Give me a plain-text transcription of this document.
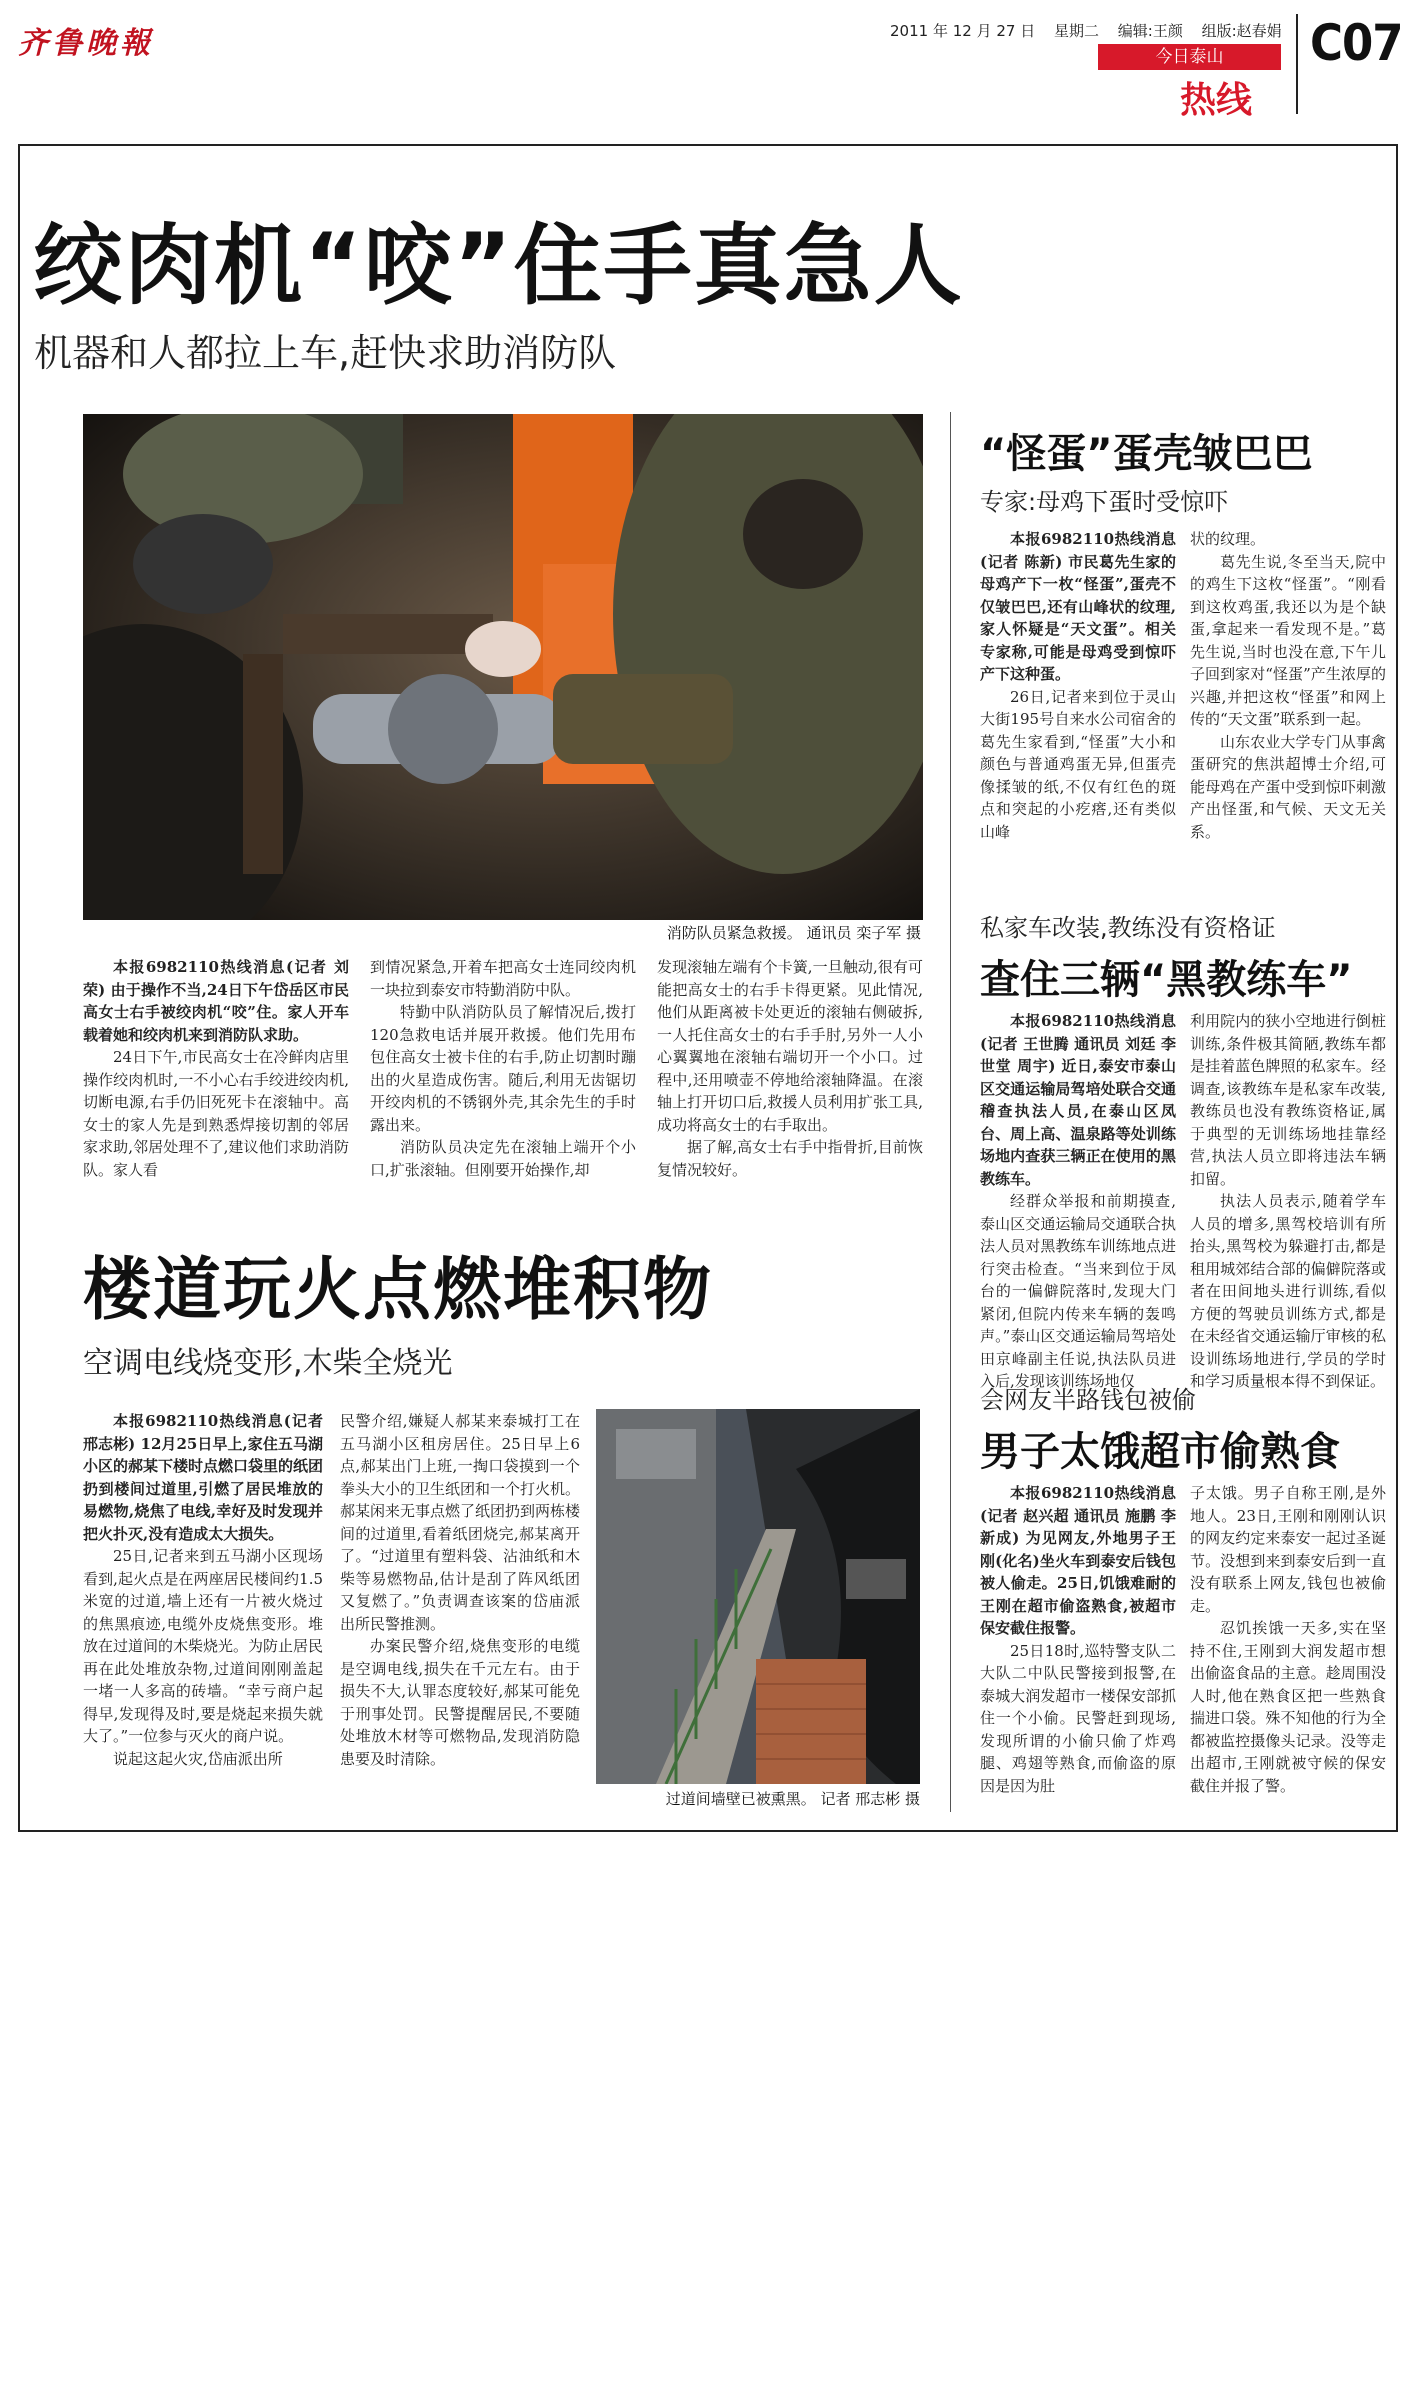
齐鲁晚報	2011 年 12 月 27 日 星期二 编辑:王颜 组版:赵春娟
今日泰山
热线
C07
绞肉机“咬”住手真急人
机器和人都拉上车,赶快求助消防队
消防队员紧急救援。 通讯员 栾子军 摄

本报6982110热线消息(记者 刘荣) 由于操作不当,24日下午岱岳区市民高女士右手被绞肉机“咬”住。家人开车载着她和绞肉机来到消防队求助。

24日下午,市民高女士在冷鲜肉店里操作绞肉机时,一不小心右手绞进绞肉机,切断电源,右手仍旧死死卡在滚轴中。高女士的家人先是到熟悉焊接切割的邻居家求助,邻居处理不了,建议他们求助消防队。家人看

到情况紧急,开着车把高女士连同绞肉机一块拉到泰安市特勤消防中队。

特勤中队消防队员了解情况后,拨打120急救电话并展开救援。他们先用布包住高女士被卡住的右手,防止切割时蹦出的火星造成伤害。随后,利用无齿锯切开绞肉机的不锈钢外壳,其余先生的手时露出来。

消防队员决定先在滚轴上端开个小口,扩张滚轴。但刚要开始操作,却

发现滚轴左端有个卡簧,一旦触动,很有可能把高女士的右手卡得更紧。见此情况,他们从距离被卡处更近的滚轴右侧破拆,一人托住高女士的右手手肘,另外一人小心翼翼地在滚轴右端切开一个小口。过程中,还用喷壶不停地给滚轴降温。在滚轴上打开切口后,救援人员利用扩张工具,成功将高女士的右手取出。

据了解,高女士右手中指骨折,目前恢复情况较好。

楼道玩火点燃堆积物
空调电线烧变形,木柴全烧光

本报6982110热线消息(记者 邢志彬) 12月25日早上,家住五马湖小区的郝某下楼时点燃口袋里的纸团扔到楼间过道里,引燃了居民堆放的易燃物,烧焦了电线,幸好及时发现并把火扑灭,没有造成太大损失。

25日,记者来到五马湖小区现场看到,起火点是在两座居民楼间约1.5米宽的过道,墙上还有一片被火烧过的焦黑痕迹,电缆外皮烧焦变形。堆放在过道间的木柴烧光。为防止居民再在此处堆放杂物,过道间刚刚盖起一堵一人多高的砖墙。“幸亏商户起得早,发现得及时,要是烧起来损失就大了。”一位参与灭火的商户说。

说起这起火灾,岱庙派出所

民警介绍,嫌疑人郝某来泰城打工在五马湖小区租房居住。25日早上6点,郝某出门上班,一掏口袋摸到一个拳头大小的卫生纸团和一个打火机。郝某闲来无事点燃了纸团扔到两栋楼间的过道里,看着纸团烧完,郝某离开了。“过道里有塑料袋、沾油纸和木柴等易燃物品,估计是刮了阵风纸团又复燃了。”负责调查该案的岱庙派出所民警推测。

办案民警介绍,烧焦变形的电缆是空调电线,损失在千元左右。由于损失不大,认罪态度较好,郝某可能免于刑事处罚。民警提醒居民,不要随处堆放木材等可燃物品,发现消防隐患要及时清除。

过道间墙壁已被熏黑。 记者 邢志彬 摄
“怪蛋”蛋壳皱巴巴
专家:母鸡下蛋时受惊吓

本报6982110热线消息(记者 陈新) 市民葛先生家的母鸡产下一枚“怪蛋”,蛋壳不仅皱巴巴,还有山峰状的纹理,家人怀疑是“天文蛋”。相关专家称,可能是母鸡受到惊吓产下这种蛋。

26日,记者来到位于灵山大街195号自来水公司宿舍的葛先生家看到,“怪蛋”大小和颜色与普通鸡蛋无异,但蛋壳像揉皱的纸,不仅有红色的斑点和突起的小疙瘩,还有类似山峰

状的纹理。

葛先生说,冬至当天,院中的鸡生下这枚“怪蛋”。“刚看到这枚鸡蛋,我还以为是个缺蛋,拿起来一看发现不是。”葛先生说,当时也没在意,下午儿子回到家对“怪蛋”产生浓厚的兴趣,并把这枚“怪蛋”和网上传的“天文蛋”联系到一起。

山东农业大学专门从事禽蛋研究的焦洪超博士介绍,可能母鸡在产蛋中受到惊吓刺激产出怪蛋,和气候、天文无关系。

私家车改装,教练没有资格证
查住三辆“黑教练车”

本报6982110热线消息(记者 王世腾 通讯员 刘廷 李世堂 周宇) 近日,泰安市泰山区交通运输局驾培处联合交通稽查执法人员,在泰山区凤台、周上高、温泉路等处训练场地内查获三辆正在使用的黑教练车。

经群众举报和前期摸查,泰山区交通运输局交通联合执法人员对黑教练车训练地点进行突击检查。“当来到位于凤台的一偏僻院落时,发现大门紧闭,但院内传来车辆的轰鸣声。”泰山区交通运输局驾培处田京峰副主任说,执法队员进入后,发现该训练场地仅

利用院内的狭小空地进行倒桩训练,条件极其简陋,教练车都是挂着蓝色牌照的私家车。经调查,该教练车是私家车改装,教练员也没有教练资格证,属于典型的无训练场地挂靠经营,执法人员立即将违法车辆扣留。

执法人员表示,随着学车人员的增多,黑驾校培训有所抬头,黑驾校为躲避打击,都是租用城郊结合部的偏僻院落或者在田间地头进行训练,看似方便的驾驶员训练方式,都是在未经省交通运输厅审核的私设训练场地进行,学员的学时和学习质量根本得不到保证。

会网友半路钱包被偷
男子太饿超市偷熟食

本报6982110热线消息(记者 赵兴超 通讯员 施鹏 李新成) 为见网友,外地男子王刚(化名)坐火车到泰安后钱包被人偷走。25日,饥饿难耐的王刚在超市偷盗熟食,被超市保安截住报警。

25日18时,巡特警支队二大队二中队民警接到报警,在泰城大润发超市一楼保安部抓住一个小偷。民警赶到现场,发现所谓的小偷只偷了炸鸡腿、鸡翅等熟食,而偷盗的原因是因为肚

子太饿。男子自称王刚,是外地人。23日,王刚和刚刚认识的网友约定来泰安一起过圣诞节。没想到来到泰安后到一直没有联系上网友,钱包也被偷走。

忍饥挨饿一天多,实在坚持不住,王刚到大润发超市想出偷盗食品的主意。趁周围没人时,他在熟食区把一些熟食揣进口袋。殊不知他的行为全都被监控摄像头记录。没等走出超市,王刚就被守候的保安截住并报了警。
